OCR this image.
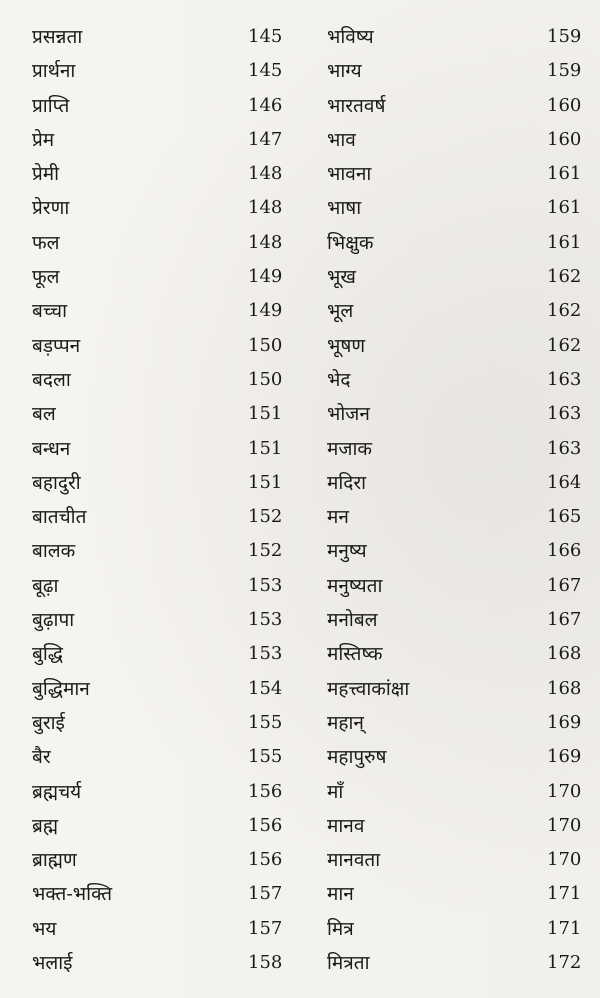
प्रसन्नता	145
प्रार्थना	145
प्राप्ति	146
प्रेम	147
प्रेमी	148
प्रेरणा	148
फल	148
फूल	149
बच्चा	149
बड़प्पन	150
बदला	150
बल	151
बन्धन	151
बहादुरी	151
बातचीत	152
बालक	152
बूढ़ा	153
बुढ़ापा	153
बुद्धि	153
बुद्धिमान	154
बुराई	155
बैर	155
ब्रह्मचर्य	156
ब्रह्म	156
ब्राह्मण	156
भक्त-भक्ति	157
भय	157
भलाई	158
भविष्य	159
भाग्य	159
भारतवर्ष	160
भाव	160
भावना	161
भाषा	161
भिक्षुक	161
भूख	162
भूल	162
भूषण	162
भेद	163
भोजन	163
मजाक	163
मदिरा	164
मन	165
मनुष्य	166
मनुष्यता	167
मनोबल	167
मस्तिष्क	168
महत्त्वाकांक्षा	168
महान्	169
महापुरुष	169
माँ	170
मानव	170
मानवता	170
मान	171
मित्र	171
मित्रता	172
